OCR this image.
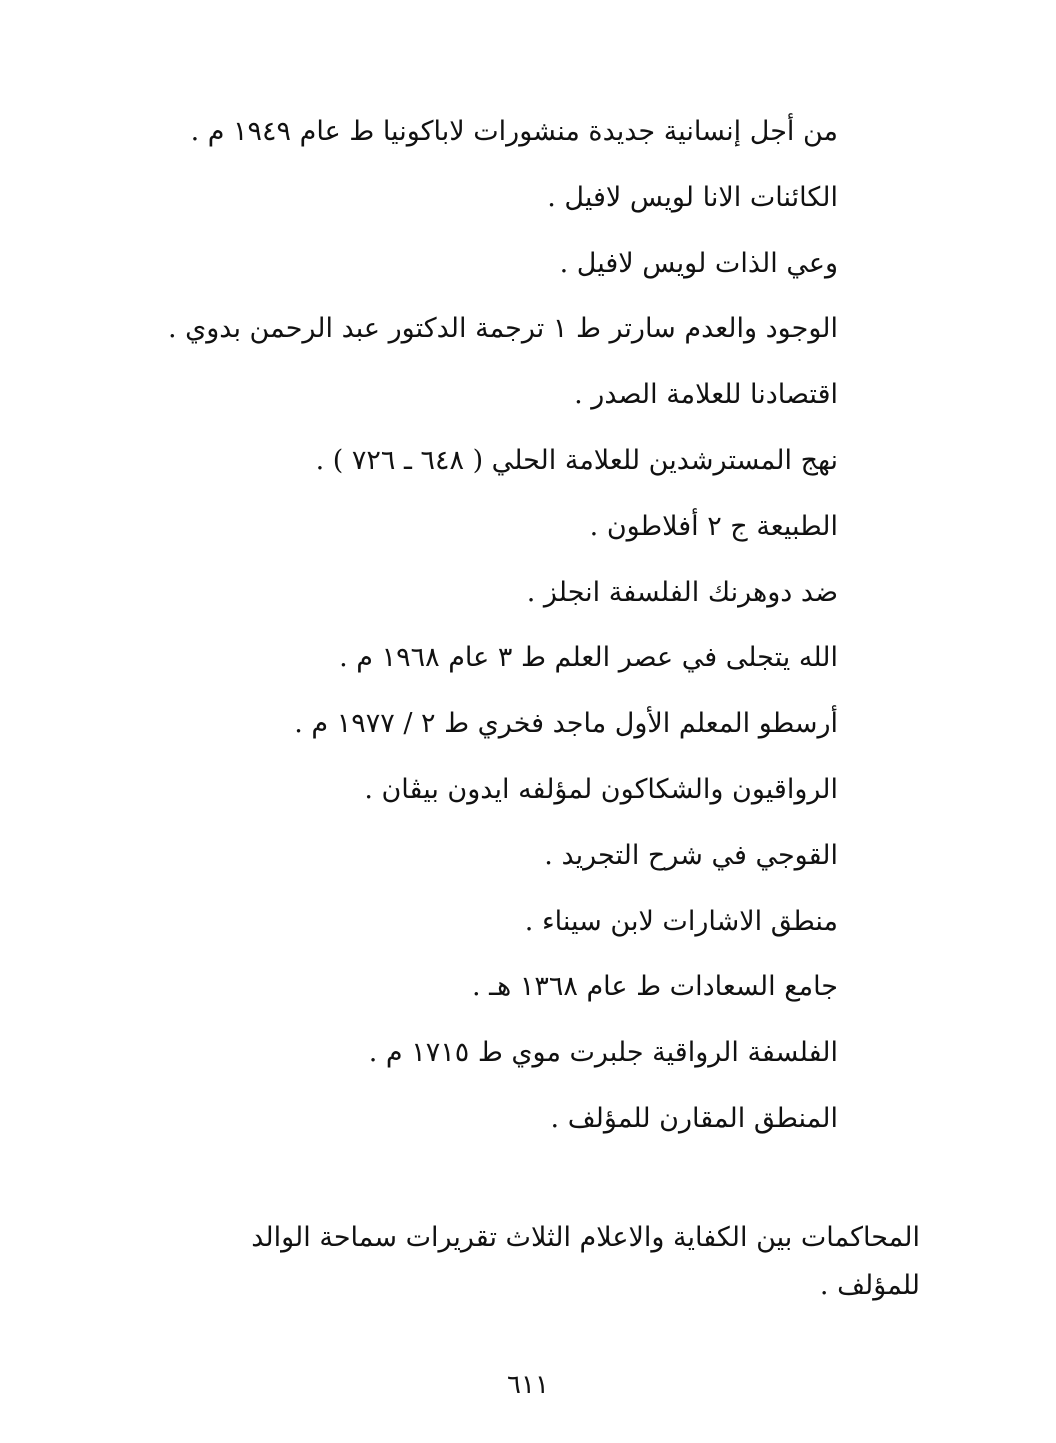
من أجل إنسانية جديدة منشورات لاباكونيا ط عام ١٩٤٩ م .
الكائنات الانا لويس لافيل .
وعي الذات لويس لافيل .
الوجود والعدم سارتر ط ١ ترجمة الدكتور عبد الرحمن بدوي .
اقتصادنا للعلامة الصدر .
نهج المسترشدين للعلامة الحلي ( ٦٤٨ ـ ٧٢٦ ) .
الطبيعة ج ٢ أفلاطون .
ضد دوهرنك الفلسفة انجلز .
الله يتجلى في عصر العلم ط ٣ عام ١٩٦٨ م .
أرسطو المعلم الأول ماجد فخري ط ٢ / ١٩٧٧ م .
الرواقيون والشكاكون لمؤلفه ايدون بيڤان .
القوجي في شرح التجريد .
منطق الاشارات لابن سيناء .
جامع السعادات ط عام ١٣٦٨ هـ .
الفلسفة الرواقية جلبرت موي ط ١٧١٥ م .
المنطق المقارن للمؤلف .
المحاكمات بين الكفاية والاعلام الثلاث تقريرات سماحة الوالد
للمؤلف .
٦١١
